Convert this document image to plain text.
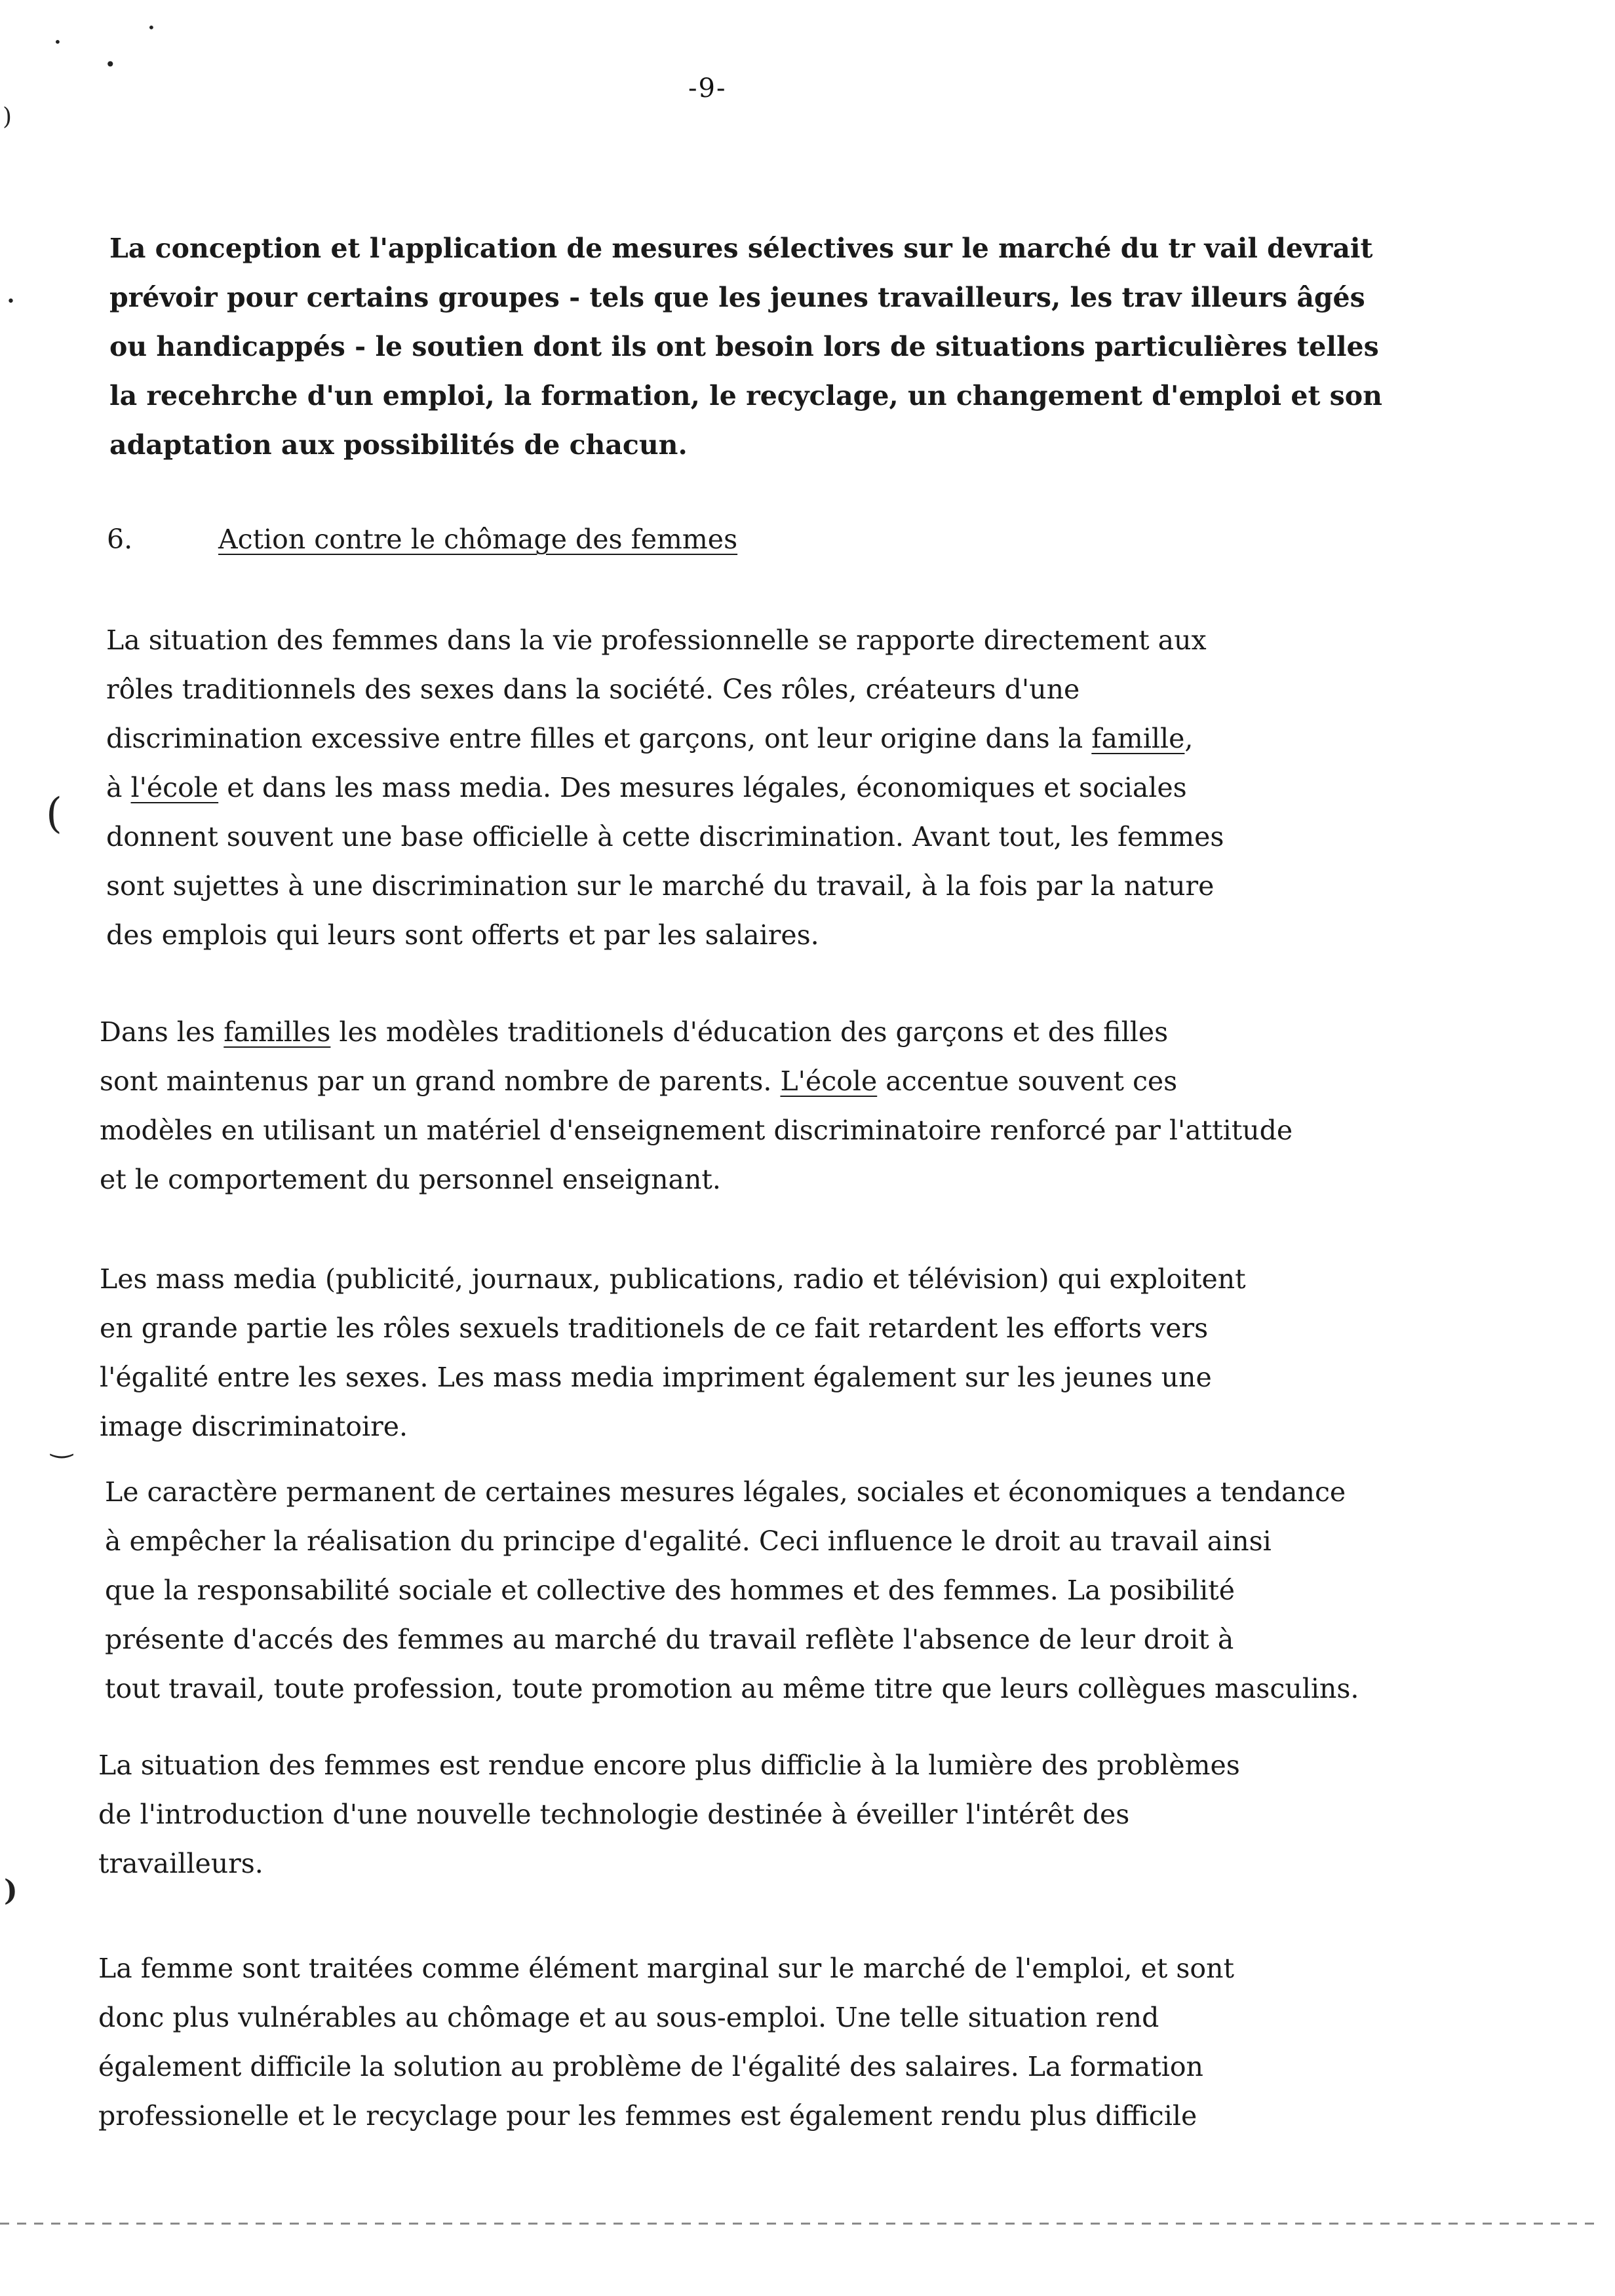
•
•
•
)
•
(
‿
)
-9-
La conception et l'application de mesures sélectives sur le marché du tr vail devrait
prévoir pour certains groupes - tels que les jeunes travailleurs, les trav illeurs âgés
ou handicappés - le soutien dont ils ont besoin lors de situations particulières telles
la recehrche d'un emploi, la formation, le recyclage, un changement d'emploi et son
adaptation aux possibilités de chacun.
6.	Action contre le chômage des femmes
La situation des femmes dans la vie professionnelle se rapporte directement aux
rôles traditionnels des sexes dans la société. Ces rôles, créateurs d'une
discrimination excessive entre filles et garçons, ont leur origine dans la famille,
à l'école et dans les mass media. Des mesures légales, économiques et sociales
donnent souvent une base officielle à cette discrimination. Avant tout, les femmes
sont sujettes à une discrimination sur le marché du travail, à la fois par la nature
des emplois qui leurs sont offerts et par les salaires.
Dans les familles les modèles traditionels d'éducation des garçons et des filles
sont maintenus par un grand nombre de parents. L'école accentue souvent ces
modèles en utilisant un matériel d'enseignement discriminatoire renforcé par l'attitude
et le comportement du personnel enseignant.
Les mass media (publicité, journaux, publications, radio et télévision) qui exploitent
en grande partie les rôles sexuels traditionels de ce fait retardent les efforts vers
l'égalité entre les sexes. Les mass media impriment également sur les jeunes une
image discriminatoire.
Le caractère permanent de certaines mesures légales, sociales et économiques a tendance
à empêcher la réalisation du principe d'egalité. Ceci influence le droit au travail ainsi
que la responsabilité sociale et collective des hommes et des femmes. La posibilité
présente d'accés des femmes au marché du travail reflète l'absence de leur droit à
tout travail, toute profession, toute promotion au même titre que leurs collègues masculins.
La situation des femmes est rendue encore plus difficlie à la lumière des problèmes
de l'introduction d'une nouvelle technologie destinée à éveiller l'intérêt des
travailleurs.
La femme sont traitées comme élément marginal sur le marché de l'emploi, et sont
donc plus vulnérables au chômage et au sous-emploi. Une telle situation rend
également difficile la solution au problème de l'égalité des salaires. La formation
professionelle et le recyclage pour les femmes est également rendu plus difficile
